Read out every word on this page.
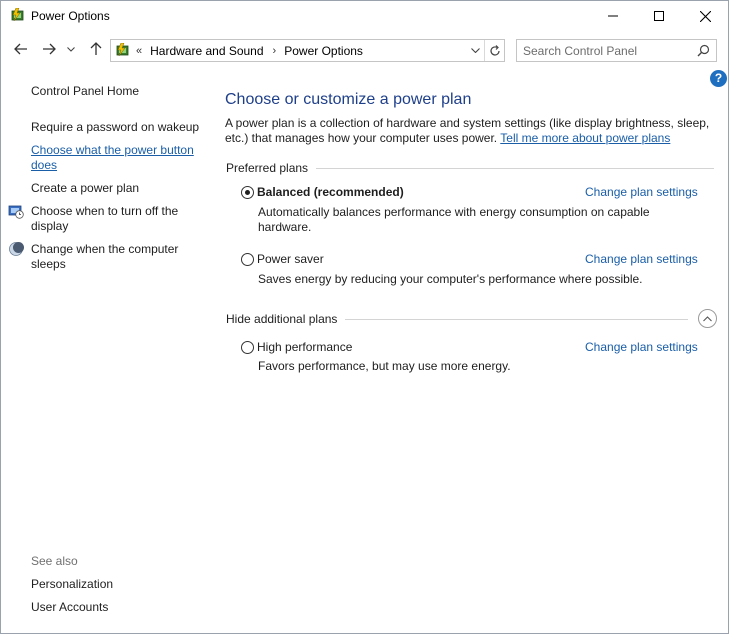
Power Options
« Hardware and Sound › Power Options
Search Control Panel
?
Control Panel Home
Require a password on wakeup
Choose what the power button does
Create a power plan
Choose when to turn off the display
Change when the computer sleeps
See also
Personalization
User Accounts
Choose or customize a power plan
A power plan is a collection of hardware and system settings (like display brightness, sleep, etc.) that manages how your computer uses power. Tell me more about power plans
Preferred plans
Balanced (recommended)	Change plan settings
Automatically balances performance with energy consumption on capable hardware.
Power saver	Change plan settings
Saves energy by reducing your computer's performance where possible.
Hide additional plans
High performance	Change plan settings
Favors performance, but may use more energy.
